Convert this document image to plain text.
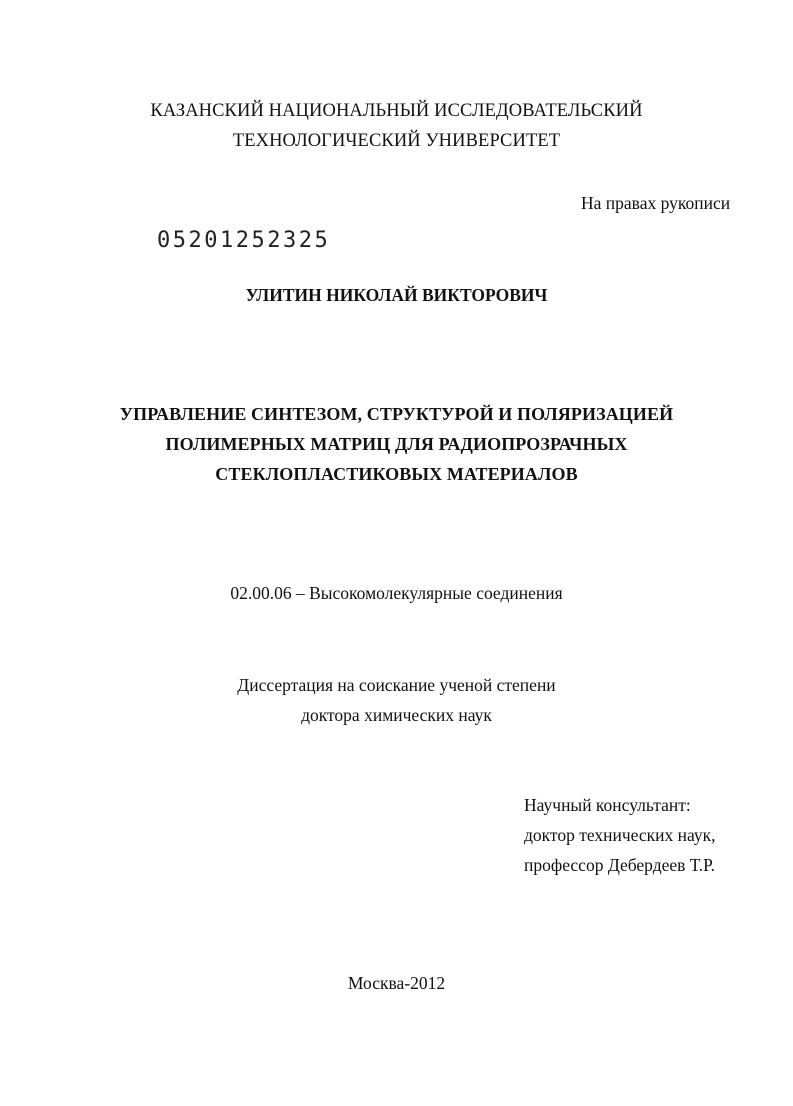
КАЗАНСКИЙ НАЦИОНАЛЬНЫЙ ИССЛЕДОВАТЕЛЬСКИЙ
ТЕХНОЛОГИЧЕСКИЙ УНИВЕРСИТЕТ
На правах рукописи
05201252325
УЛИТИН НИКОЛАЙ ВИКТОРОВИЧ
УПРАВЛЕНИЕ СИНТЕЗОМ, СТРУКТУРОЙ И ПОЛЯРИЗАЦИЕЙ
ПОЛИМЕРНЫХ МАТРИЦ ДЛЯ РАДИОПРОЗРАЧНЫХ
СТЕКЛОПЛАСТИКОВЫХ МАТЕРИАЛОВ
02.00.06 – Высокомолекулярные соединения
Диссертация на соискание ученой степени
доктора химических наук
Научный консультант:
доктор технических наук,
профессор Дебердеев Т.Р.
Москва-2012
